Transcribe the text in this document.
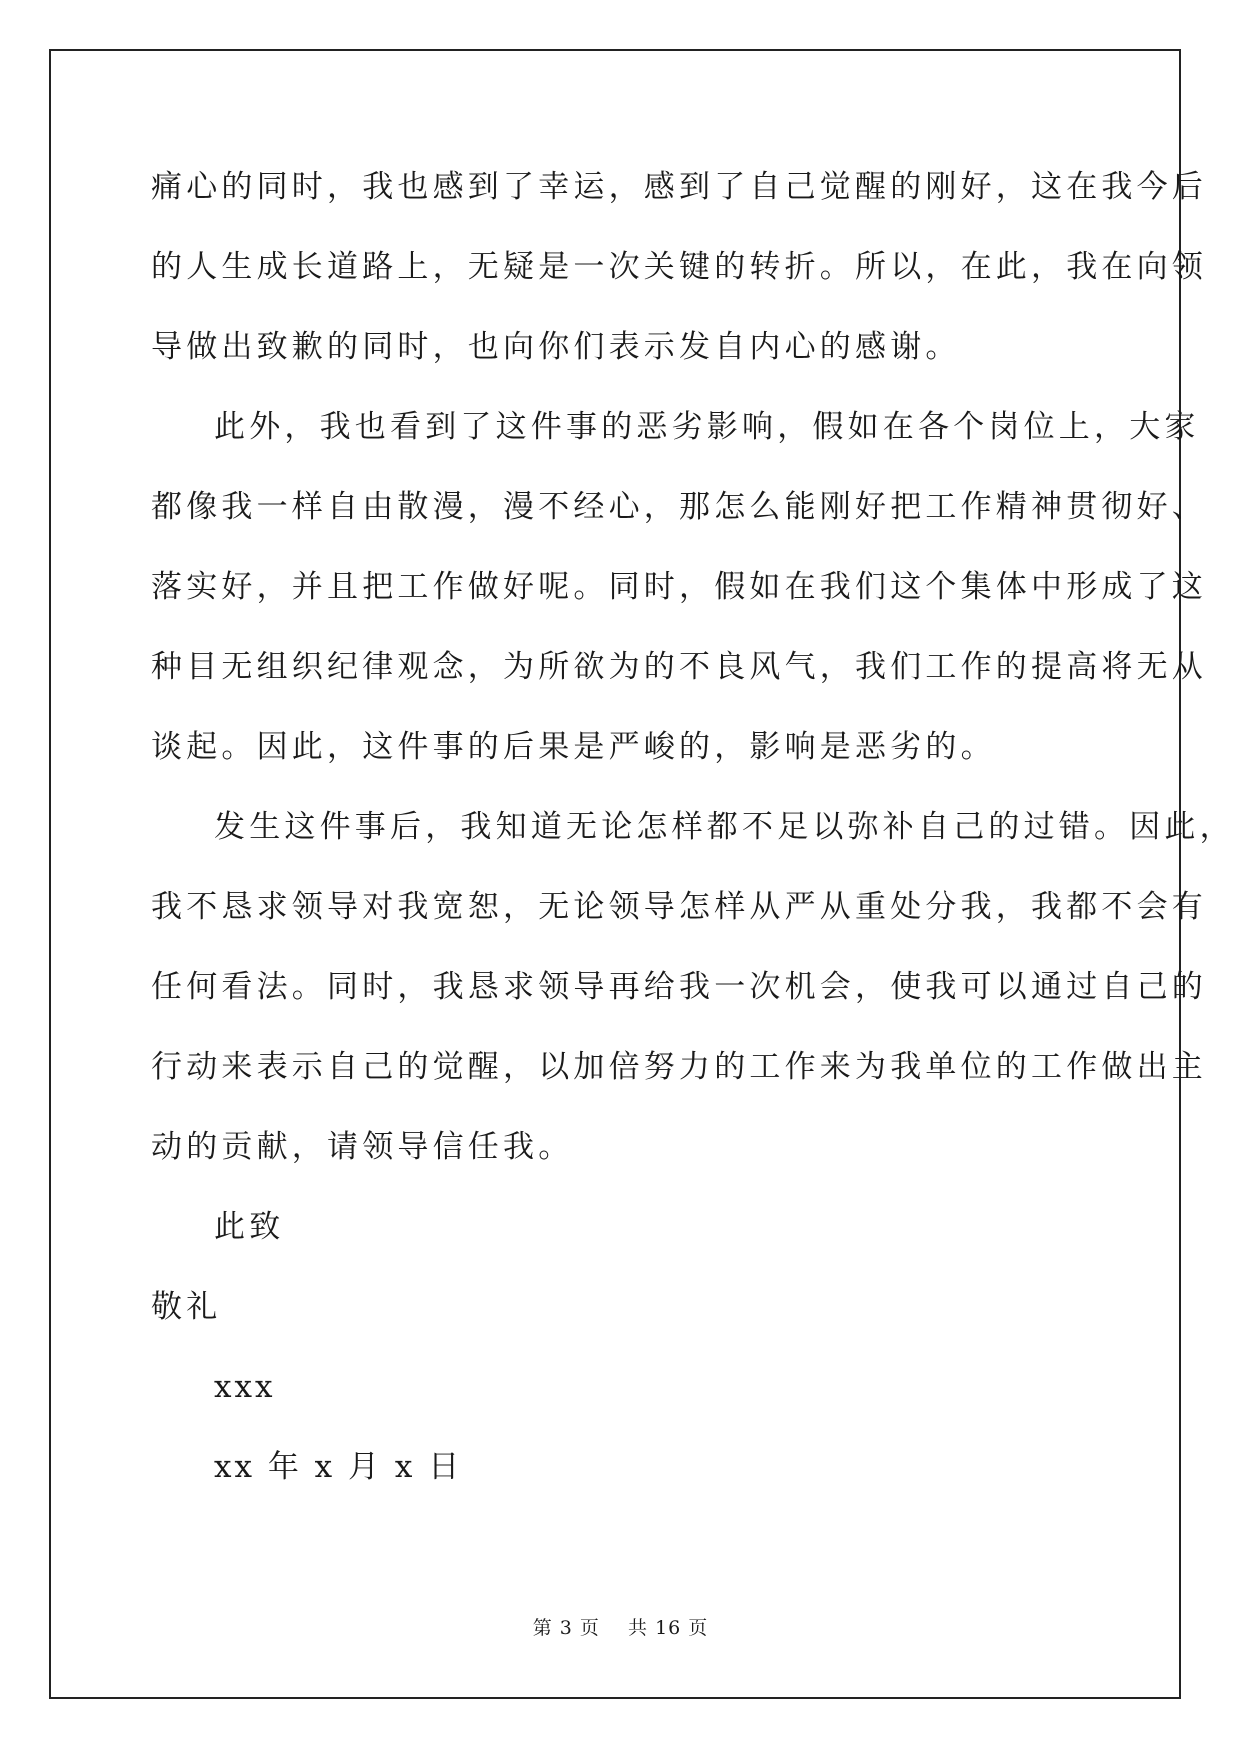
痛心的同时，我也感到了幸运，感到了自己觉醒的刚好，这在我今后
的人生成长道路上，无疑是一次关键的转折。所以，在此，我在向领
导做出致歉的同时，也向你们表示发自内心的感谢。
此外，我也看到了这件事的恶劣影响，假如在各个岗位上，大家
都像我一样自由散漫，漫不经心，那怎么能刚好把工作精神贯彻好、
落实好，并且把工作做好呢。同时，假如在我们这个集体中形成了这
种目无组织纪律观念，为所欲为的不良风气，我们工作的提高将无从
谈起。因此，这件事的后果是严峻的，影响是恶劣的。
发生这件事后，我知道无论怎样都不足以弥补自己的过错。因此，
我不恳求领导对我宽恕，无论领导怎样从严从重处分我，我都不会有
任何看法。同时，我恳求领导再给我一次机会，使我可以通过自己的
行动来表示自己的觉醒，以加倍努力的工作来为我单位的工作做出主
动的贡献，请领导信任我。
此致
敬礼
xxx
xx 年 x 月 x 日
第 3 页    共 16 页
